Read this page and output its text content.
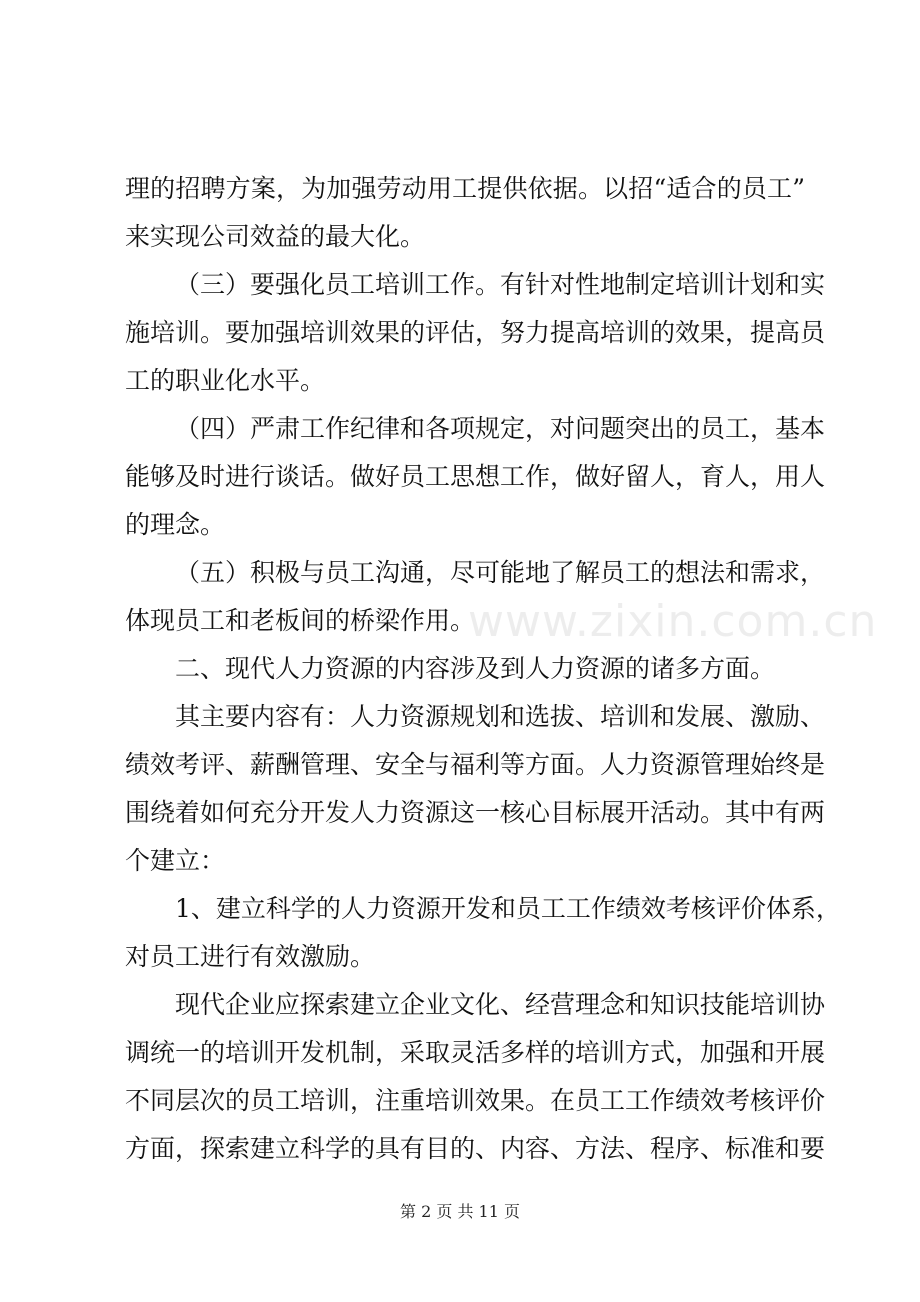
www.zixin.com.cn
理的招聘方案，为加强劳动用工提供依据。以招“适合的员工”
来实现公司效益的最大化。
（三）要强化员工培训工作。有针对性地制定培训计划和实
施培训。要加强培训效果的评估，努力提高培训的效果，提高员
工的职业化水平。
（四）严肃工作纪律和各项规定，对问题突出的员工，基本
能够及时进行谈话。做好员工思想工作，做好留人，育人，用人
的理念。
（五）积极与员工沟通，尽可能地了解员工的想法和需求，
体现员工和老板间的桥梁作用。
二、现代人力资源的内容涉及到人力资源的诸多方面。
其主要内容有：人力资源规划和选拔、培训和发展、激励、
绩效考评、薪酬管理、安全与福利等方面。人力资源管理始终是
围绕着如何充分开发人力资源这一核心目标展开活动。其中有两
个建立：
1、建立科学的人力资源开发和员工工作绩效考核评价体系，
对员工进行有效激励。
现代企业应探索建立企业文化、经营理念和知识技能培训协
调统一的培训开发机制，采取灵活多样的培训方式，加强和开展
不同层次的员工培训，注重培训效果。在员工工作绩效考核评价
方面，探索建立科学的具有目的、内容、方法、程序、标准和要
第 2 页 共 11 页
